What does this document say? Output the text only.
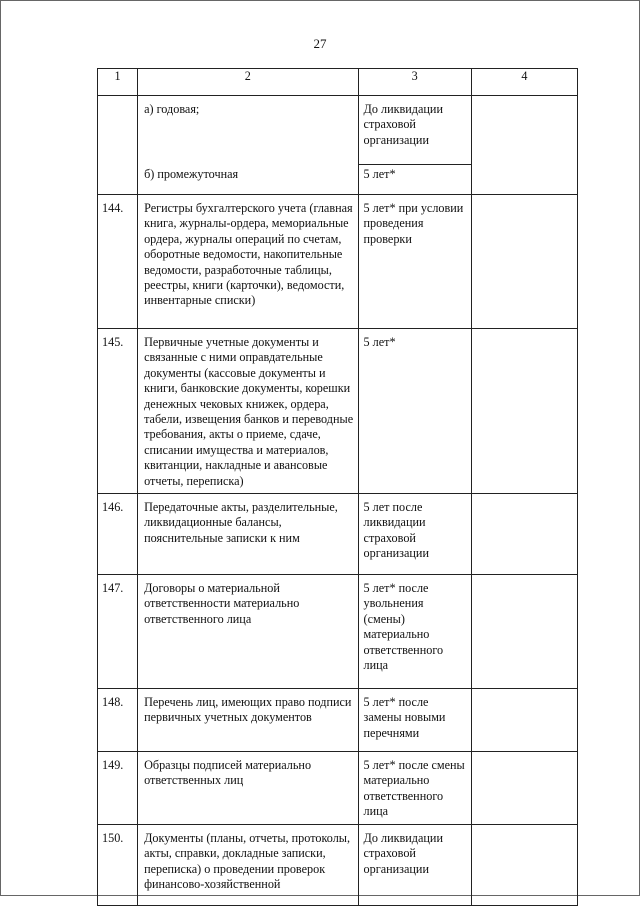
27
1	2	3	4
	а) годовая;	До ликвидации страховой организации	
	б) промежуточная	5 лет*	
144.	Регистры бухгалтерского учета (главная книга, журналы-ордера, мемориальные ордера, журналы операций по счетам, оборотные ведомости, накопительные ведомости, разработочные таблицы, реестры, книги (карточки), ведомости, инвентарные списки)	5 лет* при условии проведения проверки	
145.	Первичные учетные документы и связанные с ними оправдательные документы (кассовые документы и книги, банковские документы, корешки денежных чековых книжек, ордера, табели, извещения банков и переводные требования, акты о приеме, сдаче, списании имущества и материалов, квитанции, накладные и авансовые отчеты, переписка)	5 лет*	
146.	Передаточные акты, разделительные, ликвидационные балансы, пояснительные записки к ним	5 лет после ликвидации страховой организации	
147.	Договоры о материальной ответственности материально ответственного лица	5 лет* после увольнения (смены) материально ответственного лица	
148.	Перечень лиц, имеющих право подписи первичных учетных документов	5 лет* после замены новыми перечнями	
149.	Образцы подписей материально ответственных лиц	5 лет* после смены материально ответственного лица	
150.	Документы (планы, отчеты, протоколы, акты, справки, докладные записки, переписка) о проведении проверок финансово-хозяйственной	До ликвидации страховой организации	
